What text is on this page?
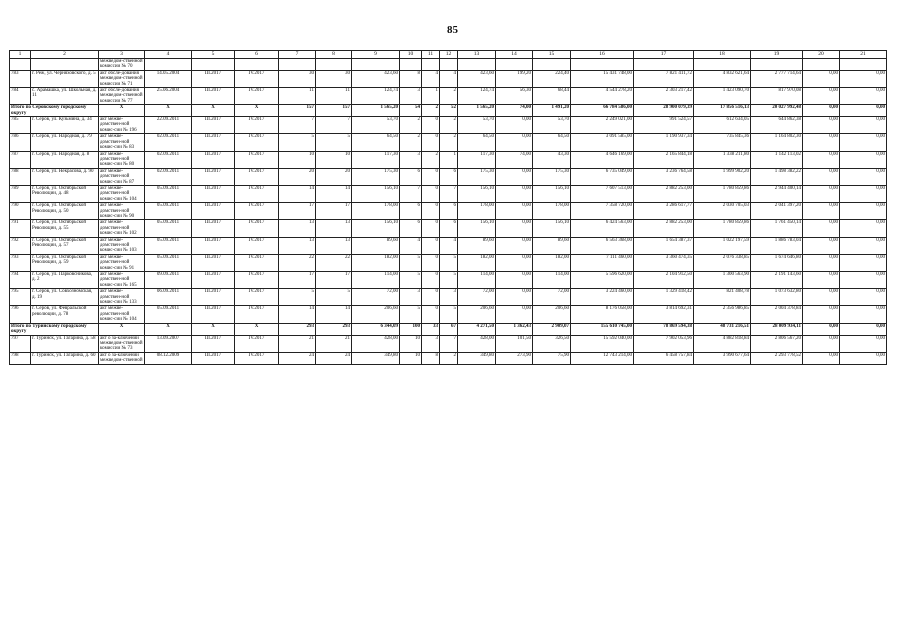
85
1	2	3	4	5	6	7	8	9	10	11	12	13	14	15	16	17	18	19	20	21
		межведом-ственной комиссии № 70																		
783	г. Реж, ул. Черняховского, д. 5	акт обсле-дования межведом-ственной комиссии № 71	14.05.2004	III.2017	IV.2017	30	30	423,60	8	4	4	423,60	199,20	224,40	15 431 748,00	7 821 411,72	4 832 621,64	2 777 714,64	0,00	0,00
784	с. Арамашка, ул. Школьная, д. 11	акт обсле-дования межведом-ственной комиссии № 77	25.06.2004	III.2017	IV.2017	11	11	124,74	3	1	2	124,74	56,30	68,44	4 544 278,20	2 303 217,42	1 423 090,70	817 970,08	0,00	0,00
Итого по Серовскому городскому округу		X	X	X	X	157	157	1 565,20	54	2	52	1 565,20	74,00	1 491,20	66 784 586,00	28 900 079,39	17 856 516,13	20 027 992,48	0,00	0,00
785	г. Серов, ул. Кузьмина, д. 34	акт межве-домствен-ной комис-сии № 196	22.09.2011	III.2017	IV.2017	7	7	53,70	2	0	2	53,70	0,00	53,70	2 249 021,00	991 524,57	612 634,05	644 862,38	0,00	0,00
786	г. Серов, ул. Народная, д. 79	акт межве-домствен-ной комис-сии № 83	02.09.2011	III.2017	IV.2017	5	5	64,50	2	0	2	64,50	0,00	64,50	3 091 585,00	1 190 937,34	735 845,36	1 164 802,30	0,00	0,00
787	г. Серов, ул. Народная, д. 8	акт межве-домствен-ной комис-сии № 80	02.09.2011	III.2017	IV.2017	10	10	117,30	3	2	1	117,30	74,00	43,30	4 646 169,00	2 165 844,18	1 338 211,80	1 142 113,02	0,00	0,00
788	г. Серов, ул. Некрасова, д. 90	акт межве-домствен-ной комис-сии № 87	02.09.2011	III.2017	IV.2017	20	20	175,30	6	0	6	175,30	0,00	175,30	6 735 049,00	3 236 764,58	1 999 902,20	1 498 382,22	0,00	0,00
789	г. Серов, ул. Октябрьской Революции, д. 48	акт межве-домствен-ной комис-сии № 104	05.09.2011	III.2017	IV.2017	14	14	156,10	7	0	7	156,10	0,00	156,10	7 607 513,00	2 882 253,00	1 780 859,86	2 944 400,14	0,00	0,00
790	г. Серов, ул. Октябрьской Революции, д. 50	акт межве-домствен-ной комис-сии № 90	05.09.2011	III.2017	IV.2017	17	17	178,00	6	0	6	178,00	0,00	178,00	7 358 720,00	3 286 617,77	2 030 705,03	2 041 397,20	0,00	0,00
791	г. Серов, ул. Октябрьской Революции, д. 55	акт межве-домствен-ной комис-сии № 102	05.09.2011	III.2017	IV.2017	13	13	156,10	6	0	6	156,10	0,00	156,10	6 424 563,00	2 882 253,00	1 780 859,86	1 761 450,14	0,00	0,00
792	г. Серов, ул. Октябрьской Революции, д. 57	акт межве-домствен-ной комис-сии № 103	05.09.2011	III.2017	IV.2017	13	13	89,60	4	0	4	89,60	0,00	89,60	6 563 368,00	1 654 387,37	1 022 197,59	1 886 783,04	0,00	0,00
793	г. Серов, ул. Октябрьской Революции, д. 59	акт межве-домствен-ной комис-сии № 91	05.09.2011	III.2017	IV.2017	22	22	182,00	5	0	5	182,00	0,00	182,00	7 111 460,00	3 360 474,35	2 076 338,85	1 674 646,80	0,00	0,00
794	г. Серов, ул. Парковсникова, д. 2	акт межве-домствен-ной комис-сии № 165	09.09.2011	III.2017	IV.2017	17	17	114,00	5	0	5	114,00	0,00	114,00	5 596 620,00	2 104 912,50	1 300 563,90	2 191 143,60	0,00	0,00
795	г. Серов, ул. Совхозномская, д. 19	акт межве-домствен-ной комис-сии № 133	06.09.2011	III.2017	IV.2017	5	5	72,00	3	0	3	72,00	0,00	72,00	3 224 460,00	1 329 418,42	821 408,78	1 073 632,80	0,00	0,00
796	г. Серов, ул. Февральской революции, д. 78	акт межве-домствен-ной комис-сии № 104	05.09.2011	III.2017	IV.2017	14	14	206,60	5	0	5	206,60	0,00	206,60	8 176 058,00	3 814 692,31	2 356 986,85	2 004 378,84	0,00	0,00
Итого по Туринскому городскому округу		X	X	X	X	293	293	6 344,09	100	33	67	4 271,50	1 362,43	2 909,07	155 610 745,00	78 869 594,38	48 731 216,51	28 009 934,11	0,00	0,00
797	г. Туринск, ул. Гагарина, д. 58	акт о за-ключении межведом-ственной комиссии № 73	13.09.2007	III.2017	IV.2017	21	21	428,00	10	3	7	428,00	101,50	326,50	15 592 040,00	7 902 053,96	4 882 818,84	2 806 567,20	0,00	0,00
798	г. Туринск, ул. Гагарина, д. 60	акт о за-ключении межведом-ственной	08.12.2009	III.2017	IV.2017	24	24	349,80	10	8	2	349,80	273,90	75,90	12 743 214,00	6 458 757,84	3 990 677,64	2 293 778,52	0,00	0,00
